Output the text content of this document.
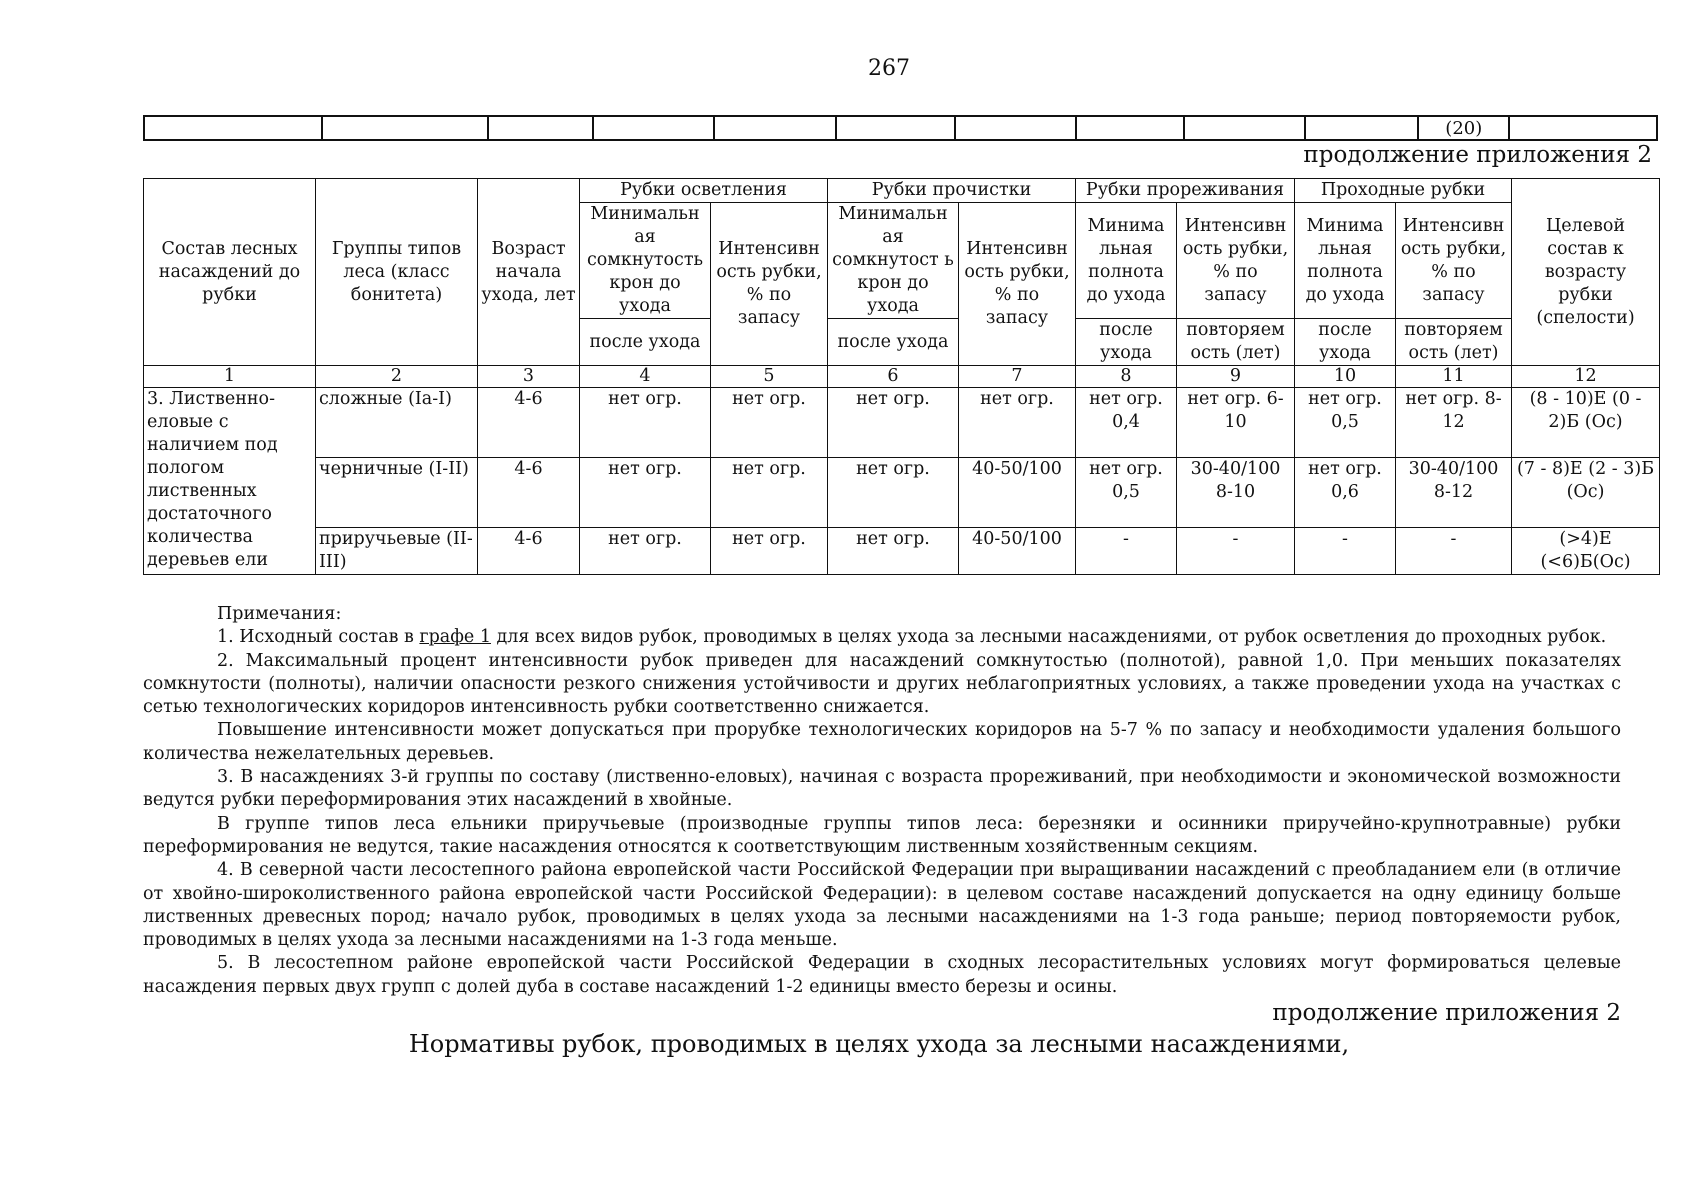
267
										(20)	
продолжение приложения 2
Состав лесных насаждений до рубки	Группы типов леса (класс бонитета)	Возраст начала ухода, лет	Рубки осветления		Рубки прочистки		Рубки прореживания		Проходные рубки		Целевой состав к возрасту рубки (спелости)
			Минимальн ая сомкнутость крон до ухода	Интенсивн ость рубки, % по запасу	Минимальн ая сомкнутост ь крон до ухода	Интенсивн ость рубки, % по запасу	Минима льная полнота до ухода	Интенсивн ость рубки, % по запасу	Минима льная полнота до ухода	Интенсивн ость рубки, % по запасу	
			после ухода		после ухода		после ухода	повторяем ость (лет)	после ухода	повторяем ость (лет)	
1	2	3	4	5	6	7	8	9	10	11	12
3. Лиственно-еловые с наличием под пологом лиственных достаточного количества деревьев ели	сложные (Ia-I)	4-6	нет огр.	нет огр.	нет огр.	нет огр.	нет огр. 0,4	нет огр. 6-10	нет огр. 0,5	нет огр. 8-12	(8 - 10)Е (0 - 2)Б (Ос)
	черничные (I-II)	4-6	нет огр.	нет огр.	нет огр.	40-50/100	нет огр. 0,5	30-40/100 8-10	нет огр. 0,6	30-40/100 8-12	(7 - 8)Е (2 - 3)Б (Ос)
	приручьевые (II-III)	4-6	нет огр.	нет огр.	нет огр.	40-50/100	-	-	-	-	(>4)Е (<6)Б(Ос)

Примечания:

1. Исходный состав в графе 1 для всех видов рубок, проводимых в целях ухода за лесными насаждениями, от рубок осветления до проходных рубок.

2. Максимальный процент интенсивности рубок приведен для насаждений сомкнутостью (полнотой), равной 1,0. При меньших показателях сомкнутости (полноты), наличии опасности резкого снижения устойчивости и других неблагоприятных условиях, а также проведении ухода на участках с сетью технологических коридоров интенсивность рубки соответственно снижается.

Повышение интенсивности может допускаться при прорубке технологических коридоров на 5-7 % по запасу и необходимости удаления большого количества нежелательных деревьев.

3. В насаждениях 3-й группы по составу (лиственно-еловых), начиная с возраста прореживаний, при необходимости и экономической возможности ведутся рубки переформирования этих насаждений в хвойные.

В группе типов леса ельники приручьевые (производные группы типов леса: березняки и осинники приручейно-крупнотравные) рубки переформирования не ведутся, такие насаждения относятся к соответствующим лиственным хозяйственным секциям.

4. В северной части лесостепного района европейской части Российской Федерации при выращивании насаждений с преобладанием ели (в отличие от хвойно-широколиственного района европейской части Российской Федерации): в целевом составе насаждений допускается на одну единицу больше лиственных древесных пород; начало рубок, проводимых в целях ухода за лесными насаждениями на 1-3 года раньше; период повторяемости рубок, проводимых в целях ухода за лесными насаждениями на 1-3 года меньше.

5. В лесостепном районе европейской части Российской Федерации в сходных лесорастительных условиях могут формироваться целевые насаждения первых двух групп с долей дуба в составе насаждений 1-2 единицы вместо березы и осины.

продолжение приложения 2
Нормативы рубок, проводимых в целях ухода за лесными насаждениями,
